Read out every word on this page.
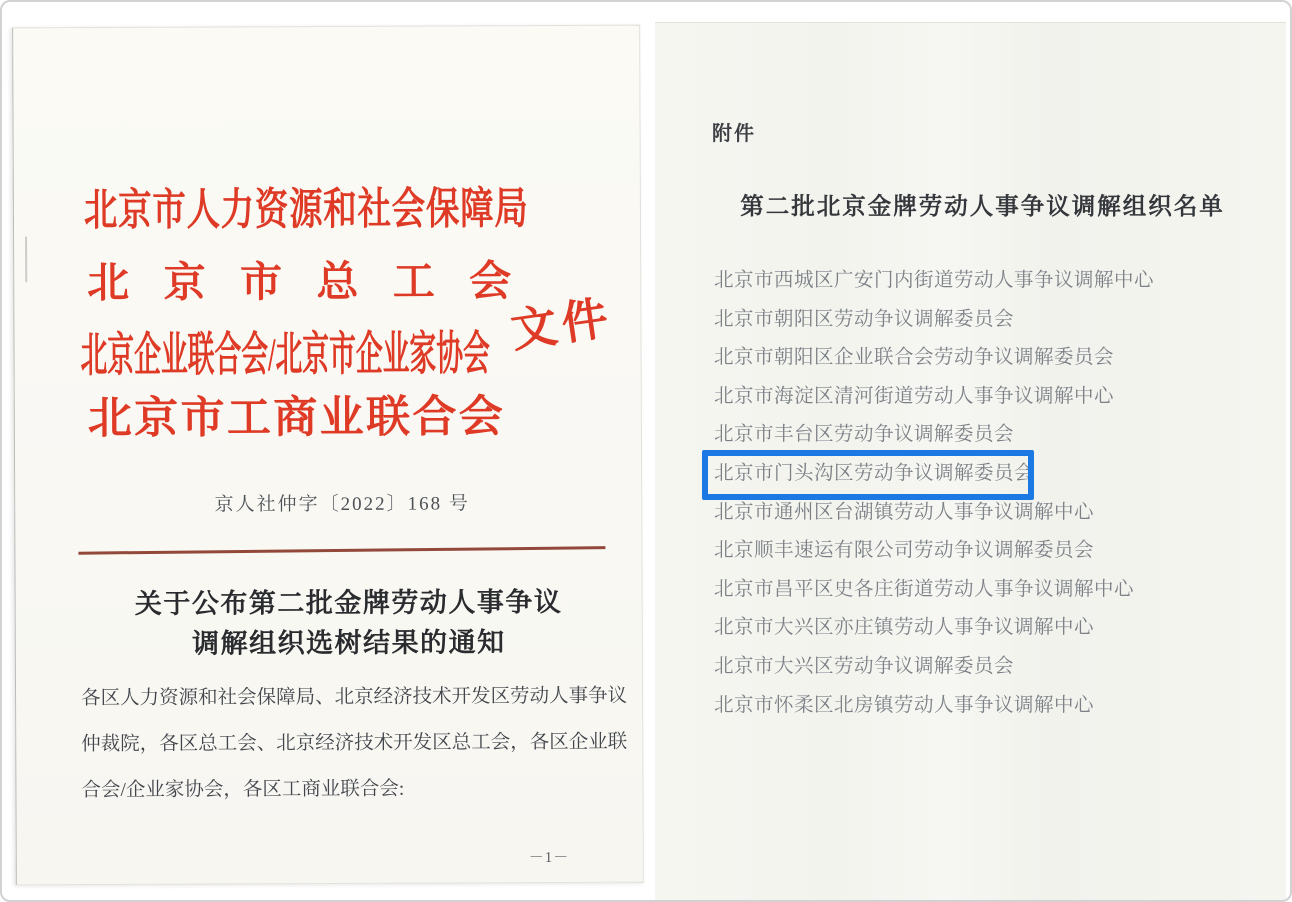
北京市人力资源和社会保障局
北京市总工会
北京企业联合会/北京市企业家协会
北京市工商业联合会
文件
京人社仲字〔2022〕168 号
关于公布第二批金牌劳动人事争议
调解组织选树结果的通知
各区人力资源和社会保障局、北京经济技术开发区劳动人事争议
仲裁院，各区总工会、北京经济技术开发区总工会，各区企业联
合会/企业家协会，各区工商业联合会:
－1－
附件
第二批北京金牌劳动人事争议调解组织名单
北京市西城区广安门内街道劳动人事争议调解中心
北京市朝阳区劳动争议调解委员会
北京市朝阳区企业联合会劳动争议调解委员会
北京市海淀区清河街道劳动人事争议调解中心
北京市丰台区劳动争议调解委员会
北京市门头沟区劳动争议调解委员会
北京市通州区台湖镇劳动人事争议调解中心
北京顺丰速运有限公司劳动争议调解委员会
北京市昌平区史各庄街道劳动人事争议调解中心
北京市大兴区亦庄镇劳动人事争议调解中心
北京市大兴区劳动争议调解委员会
北京市怀柔区北房镇劳动人事争议调解中心
